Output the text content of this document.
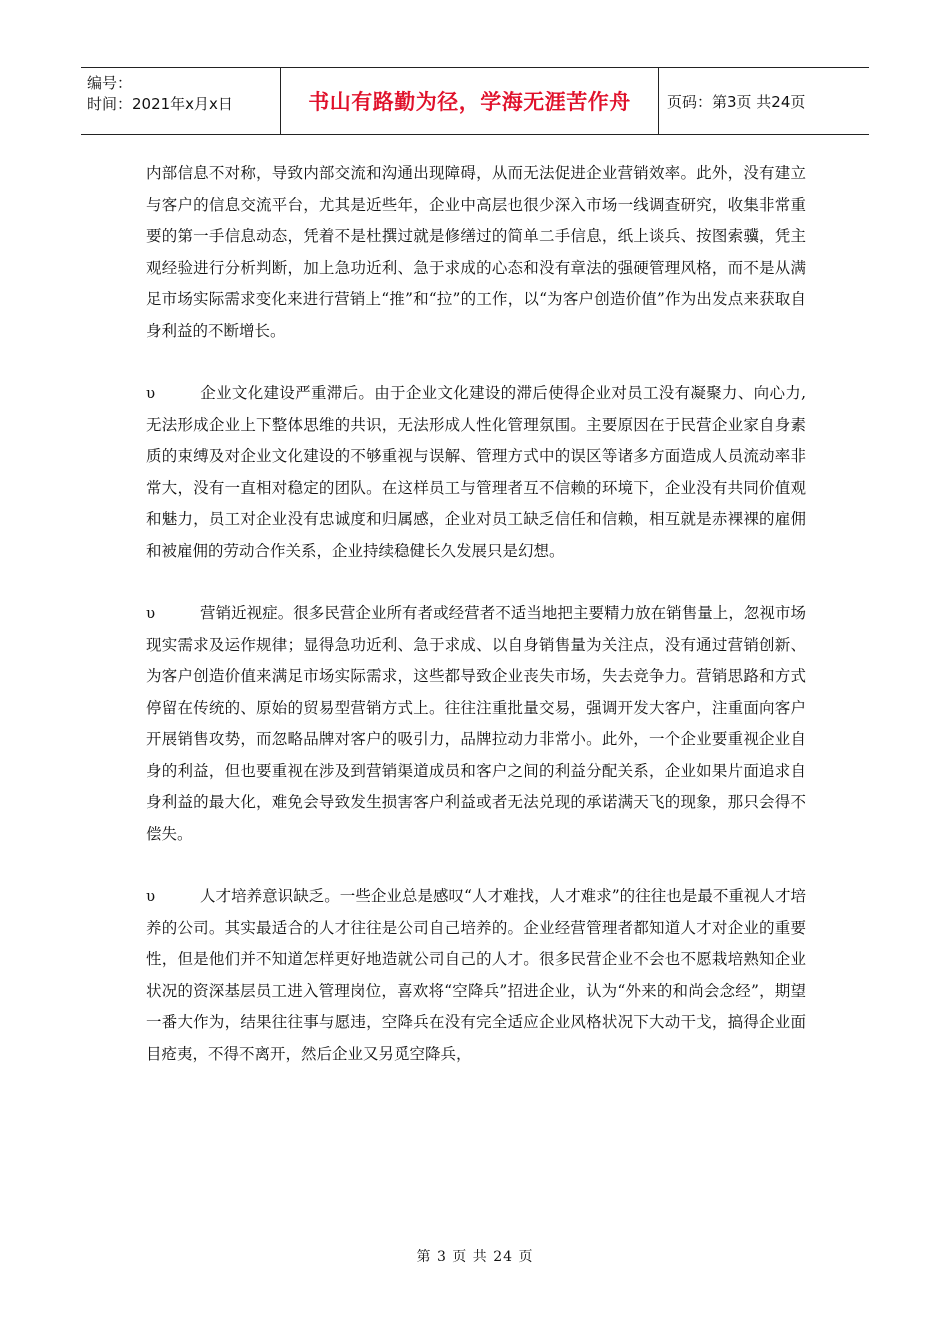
编号：
时间：2021年x月x日	书山有路勤为径，学海无涯苦作舟	页码：第3页 共24页

内部信息不对称，导致内部交流和沟通出现障碍，从而无法促进企业营销效率。此外，没有建立与客户的信息交流平台，尤其是近些年，企业中高层也很少深入市场一线调查研究，收集非常重要的第一手信息动态，凭着不是杜撰过就是修缮过的简单二手信息，纸上谈兵、按图索骥，凭主观经验进行分析判断，加上急功近利、急于求成的心态和没有章法的强硬管理风格，而不是从满足市场实际需求变化来进行营销上“推”和“拉”的工作，以“为客户创造价值”作为出发点来获取自身利益的不断增长。

υ	企业文化建设严重滞后。由于企业文化建设的滞后使得企业对员工没有凝聚力、向心力,无法形成企业上下整体思维的共识，无法形成人性化管理氛围。主要原因在于民营企业家自身素质的束缚及对企业文化建设的不够重视与误解、管理方式中的误区等诸多方面造成人员流动率非常大，没有一直相对稳定的团队。在这样员工与管理者互不信赖的环境下，企业没有共同价值观和魅力，员工对企业没有忠诚度和归属感，企业对员工缺乏信任和信赖，相互就是赤裸裸的雇佣和被雇佣的劳动合作关系，企业持续稳健长久发展只是幻想。

υ	营销近视症。很多民营企业所有者或经营者不适当地把主要精力放在销售量上，忽视市场现实需求及运作规律；显得急功近利、急于求成、以自身销售量为关注点，没有通过营销创新、为客户创造价值来满足市场实际需求，这些都导致企业丧失市场，失去竞争力。营销思路和方式停留在传统的、原始的贸易型营销方式上。往往注重批量交易，强调开发大客户，注重面向客户开展销售攻势，而忽略品牌对客户的吸引力，品牌拉动力非常小。此外，一个企业要重视企业自身的利益，但也要重视在涉及到营销渠道成员和客户之间的利益分配关系，企业如果片面追求自身利益的最大化，难免会导致发生损害客户利益或者无法兑现的承诺满天飞的现象，那只会得不偿失。

υ	人才培养意识缺乏。一些企业总是感叹“人才难找，人才难求”的往往也是最不重视人才培养的公司。其实最适合的人才往往是公司自己培养的。企业经营管理者都知道人才对企业的重要性，但是他们并不知道怎样更好地造就公司自己的人才。很多民营企业不会也不愿栽培熟知企业状况的资深基层员工进入管理岗位，喜欢将“空降兵”招进企业，认为“外来的和尚会念经”，期望一番大作为，结果往往事与愿违，空降兵在没有完全适应企业风格状况下大动干戈，搞得企业面目疮夷，不得不离开，然后企业又另觅空降兵，

第 3 页 共 24 页
